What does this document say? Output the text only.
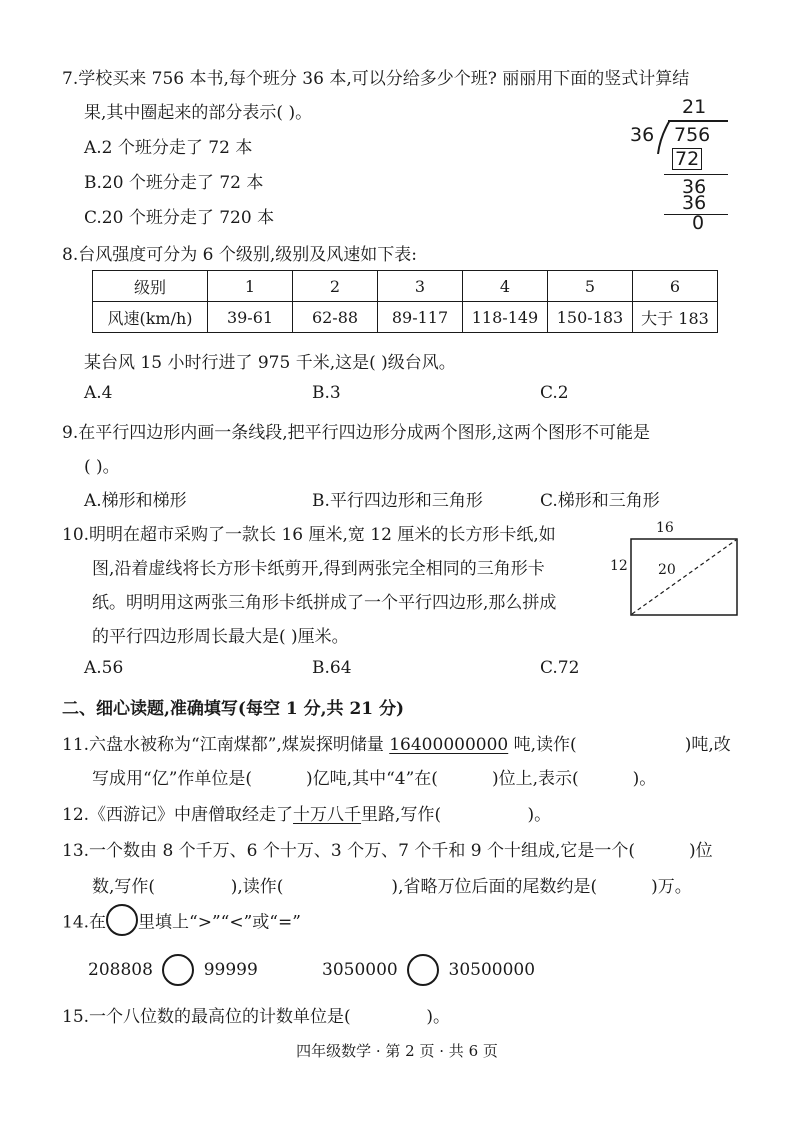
7.学校买来 756 本书,每个班分 36 本,可以分给多少个班? 丽丽用下面的竖式计算结
果,其中圈起来的部分表示( )。
A.2 个班分走了 72 本
B.20 个班分走了 72 本
C.20 个班分走了 720 本
21
36 756
72
36
36
0
8.台风强度可分为 6 个级别,级别及风速如下表:
级别	1	2	3	4	5	6
风速(km/h)	39-61	62-88	89-117	118-149	150-183	大于 183
某台风 15 小时行进了 975 千米,这是( )级台风。
A.4	B.3	C.2
9.在平行四边形内画一条线段,把平行四边形分成两个图形,这两个图形不可能是
( )。
A.梯形和梯形	B.平行四边形和三角形	C.梯形和三角形
10.明明在超市采购了一款长 16 厘米,宽 12 厘米的长方形卡纸,如
图,沿着虚线将长方形卡纸剪开,得到两张完全相同的三角形卡
纸。明明用这两张三角形卡纸拼成了一个平行四边形,那么拼成
的平行四边形周长最大是( )厘米。
A.56	B.64	C.72
16
12 20
二、细心读题,准确填写(每空 1 分,共 21 分)
11.六盘水被称为“江南煤都”,煤炭探明储量 16400000000 吨,读作(                    )吨,改
写成用“亿”作单位是(          )亿吨,其中“4”在(          )位上,表示(          )。
12.《西游记》中唐僧取经走了十万八千里路,写作(                )。
13.一个数由 8 个千万、6 个十万、3 个万、7 个千和 9 个十组成,它是一个(          )位
数,写作(              ),读作(                    ),省略万位后面的尾数约是(          )万。
14.在 里填上“>”“<”或“=”
208808	99999	3050000	30500000
15.一个八位数的最高位的计数单位是(              )。
四年级数学 · 第 2 页 · 共 6 页
